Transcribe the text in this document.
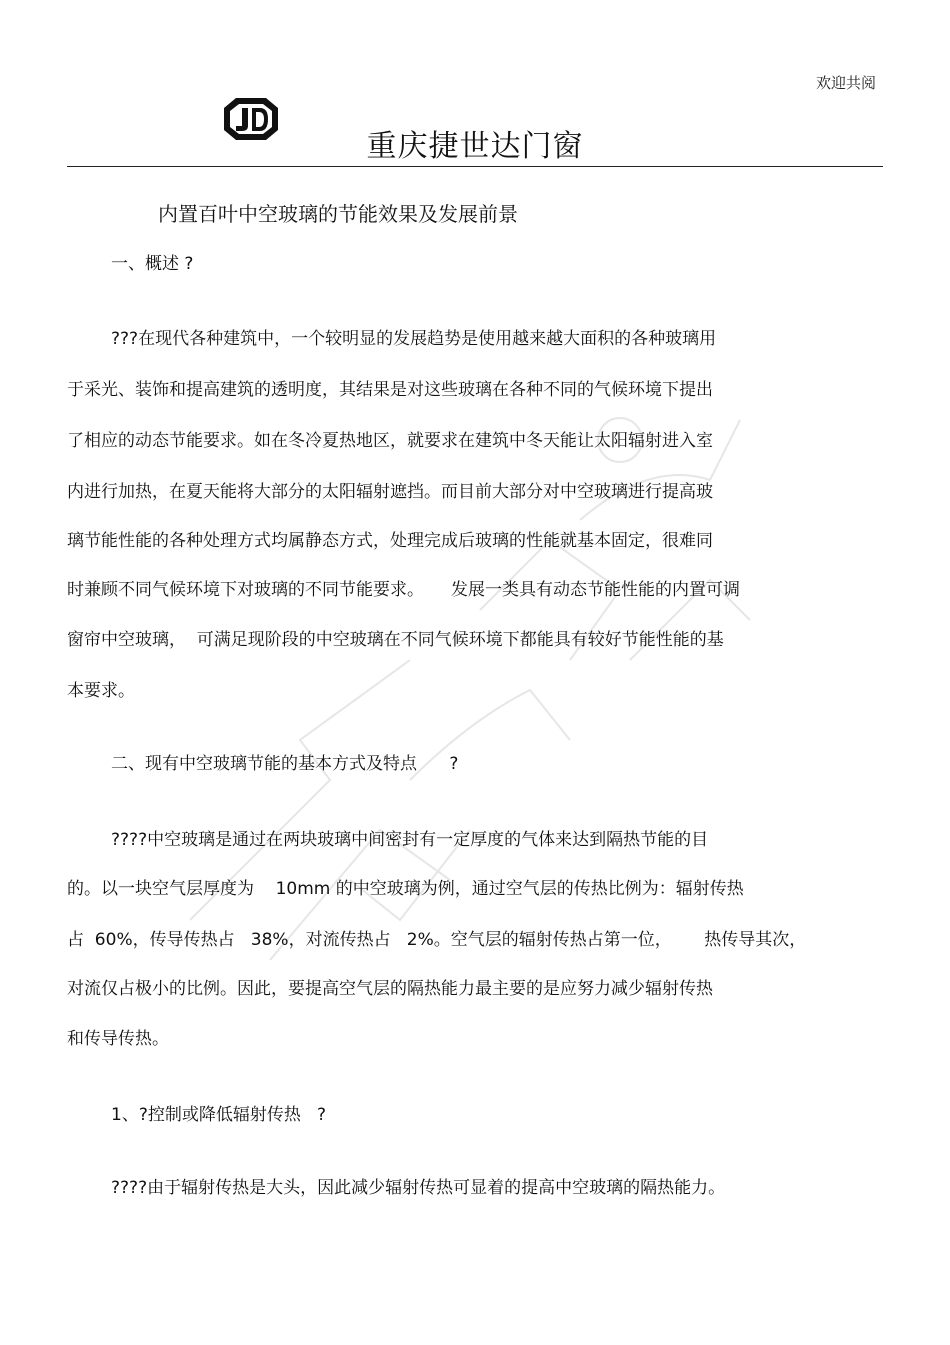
欢迎共阅
重庆捷世达门窗
内置百叶中空玻璃的节能效果及发展前景
一、概述 ?
???在现代各种建筑中，一个较明显的发展趋势是使用越来越大面积的各种玻璃用
于采光、装饰和提高建筑的透明度，其结果是对这些玻璃在各种不同的气候环境下提出
了相应的动态节能要求。如在冬冷夏热地区，就要求在建筑中冬天能让太阳辐射进入室
内进行加热，在夏天能将大部分的太阳辐射遮挡。而目前大部分对中空玻璃进行提高玻
璃节能性能的各种处理方式均属静态方式，处理完成后玻璃的性能就基本固定，很难同
时兼顾不同气候环境下对玻璃的不同节能要求。     发展一类具有动态节能性能的内置可调
窗帘中空玻璃，  可满足现阶段的中空玻璃在不同气候环境下都能具有较好节能性能的基
本要求。
二、现有中空玻璃节能的基本方式及特点      ?
????中空玻璃是通过在两块玻璃中间密封有一定厚度的气体来达到隔热节能的目
的。以一块空气层厚度为    10mm 的中空玻璃为例，通过空气层的传热比例为：辐射传热
占  60%，传导传热占   38%，对流传热占   2%。空气层的辐射传热占第一位，      热传导其次，
对流仅占极小的比例。因此，要提高空气层的隔热能力最主要的是应努力减少辐射传热
和传导传热。
1、?控制或降低辐射传热   ?
????由于辐射传热是大头，因此减少辐射传热可显着的提高中空玻璃的隔热能力。
